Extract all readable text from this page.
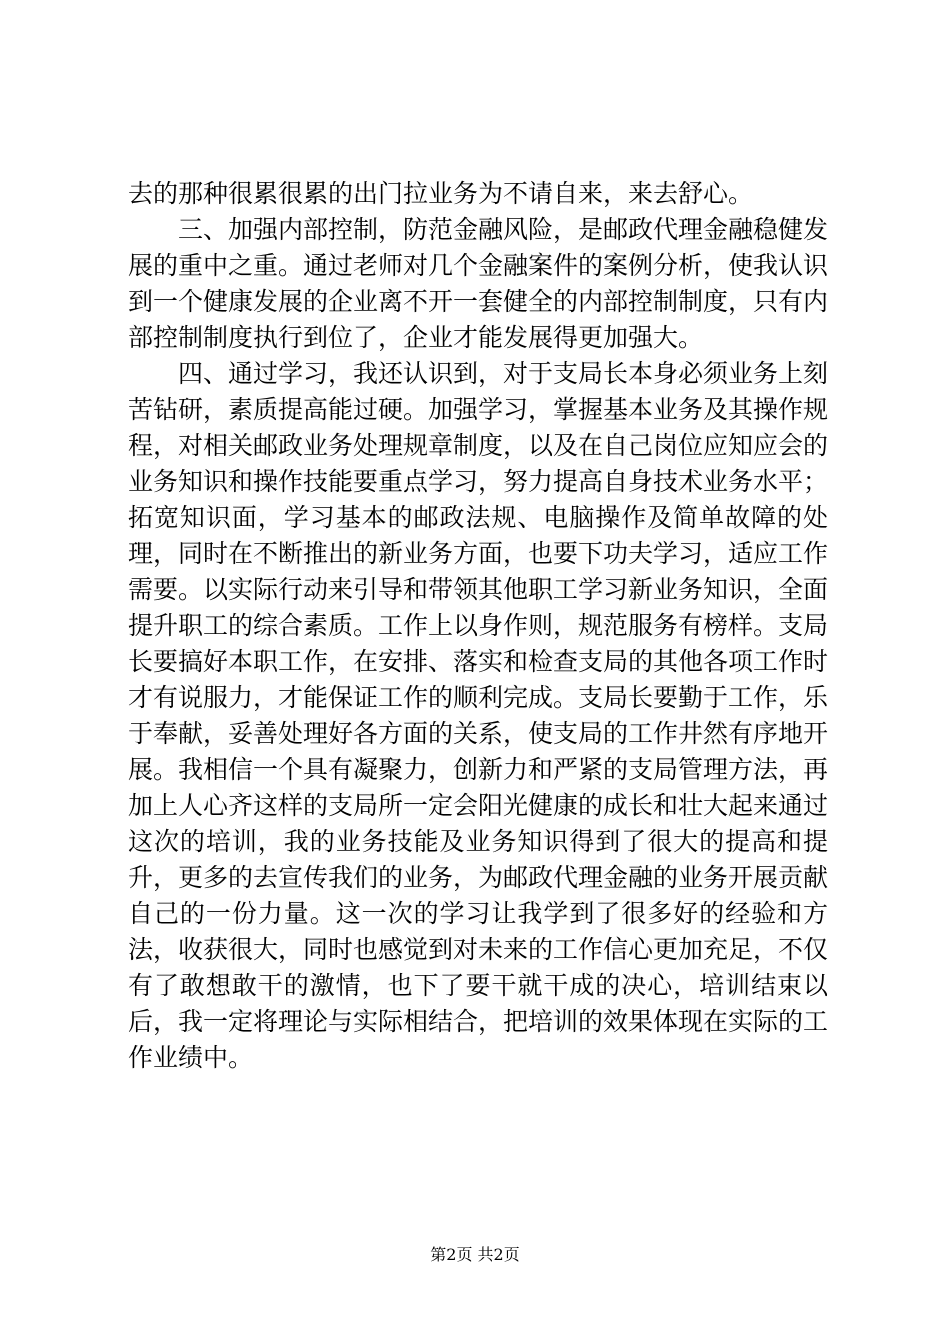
去的那种很累很累的出门拉业务为不请自来，来去舒心。

三、加强内部控制，防范金融风险，是邮政代理金融稳健发展的重中之重。通过老师对几个金融案件的案例分析，使我认识到一个健康发展的企业离不开一套健全的内部控制制度，只有内部控制制度执行到位了，企业才能发展得更加强大。

四、通过学习，我还认识到，对于支局长本身必须业务上刻苦钻研，素质提高能过硬。加强学习，掌握基本业务及其操作规程，对相关邮政业务处理规章制度，以及在自己岗位应知应会的业务知识和操作技能要重点学习，努力提高自身技术业务水平；拓宽知识面，学习基本的邮政法规、电脑操作及简单故障的处理，同时在不断推出的新业务方面，也要下功夫学习，适应工作需要。以实际行动来引导和带领其他职工学习新业务知识，全面提升职工的综合素质。工作上以身作则，规范服务有榜样。支局长要搞好本职工作，在安排、落实和检查支局的其他各项工作时才有说服力，才能保证工作的顺利完成。支局长要勤于工作，乐于奉献，妥善处理好各方面的关系，使支局的工作井然有序地开展。我相信一个具有凝聚力，创新力和严紧的支局管理方法，再加上人心齐这样的支局所一定会阳光健康的成长和壮大起来通过这次的培训，我的业务技能及业务知识得到了很大的提高和提升，更多的去宣传我们的业务，为邮政代理金融的业务开展贡献自己的一份力量。这一次的学习让我学到了很多好的经验和方法，收获很大，同时也感觉到对未来的工作信心更加充足，不仅有了敢想敢干的激情，也下了要干就干成的决心，培训结束以后，我一定将理论与实际相结合，把培训的效果体现在实际的工作业绩中。

第2页 共2页
